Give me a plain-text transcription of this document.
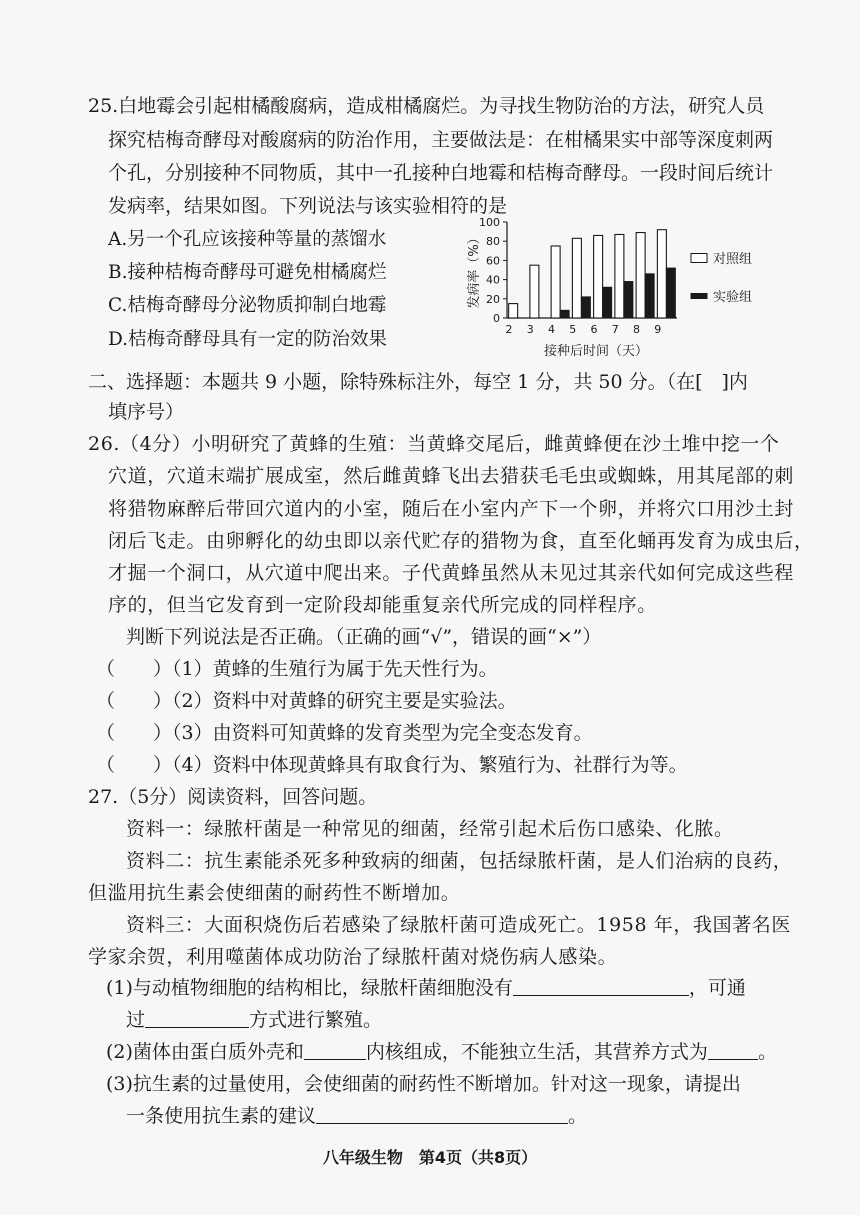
25.白地霉会引起柑橘酸腐病，造成柑橘腐烂。为寻找生物防治的方法，研究人员
探究桔梅奇酵母对酸腐病的防治作用，主要做法是：在柑橘果实中部等深度刺两
个孔，分别接种不同物质，其中一孔接种白地霉和桔梅奇酵母。一段时间后统计
发病率，结果如图。下列说法与该实验相符的是
A.另一个孔应该接种等量的蒸馏水
B.接种桔梅奇酵母可避免柑橘腐烂
C.桔梅奇酵母分泌物质抑制白地霉
D.桔梅奇酵母具有一定的防治效果
0
20
40
60
80
100
2 3 4 5 6 7 8 9
对照组
实验组
发病率（%）
接种后时间（天）
二、选择题：本题共 9 小题，除特殊标注外，每空 1 分，共 50 分。（在[　]内
填序号）
26.（4分）小明研究了黄蜂的生殖：当黄蜂交尾后，雌黄蜂便在沙土堆中挖一个
穴道，穴道末端扩展成室，然后雌黄蜂飞出去猎获毛毛虫或蜘蛛，用其尾部的刺
将猎物麻醉后带回穴道内的小室，随后在小室内产下一个卵，并将穴口用沙土封
闭后飞走。由卵孵化的幼虫即以亲代贮存的猎物为食，直至化蛹再发育为成虫后，
才掘一个洞口，从穴道中爬出来。子代黄蜂虽然从未见过其亲代如何完成这些程
序的，但当它发育到一定阶段却能重复亲代所完成的同样程序。
判断下列说法是否正确。（正确的画“√”，错误的画“×”）
（　　）（1）黄蜂的生殖行为属于先天性行为。
（　　）（2）资料中对黄蜂的研究主要是实验法。
（　　）（3）由资料可知黄蜂的发育类型为完全变态发育。
（　　）（4）资料中体现黄蜂具有取食行为、繁殖行为、社群行为等。
27.（5分）阅读资料，回答问题。
资料一：绿脓杆菌是一种常见的细菌，经常引起术后伤口感染、化脓。
资料二：抗生素能杀死多种致病的细菌，包括绿脓杆菌，是人们治病的良药，
但滥用抗生素会使细菌的耐药性不断增加。
资料三：大面积烧伤后若感染了绿脓杆菌可造成死亡。1958 年，我国著名医
学家余贺，利用噬菌体成功防治了绿脓杆菌对烧伤病人感染。
(1)与动植物细胞的结构相比，绿脓杆菌细胞没有	，可通
过	方式进行繁殖。
(2)菌体由蛋白质外壳和	内核组成，不能独立生活，其营养方式为	。
(3)抗生素的过量使用，会使细菌的耐药性不断增加。针对这一现象，请提出
一条使用抗生素的建议	。
八年级生物　第4页（共8页）
